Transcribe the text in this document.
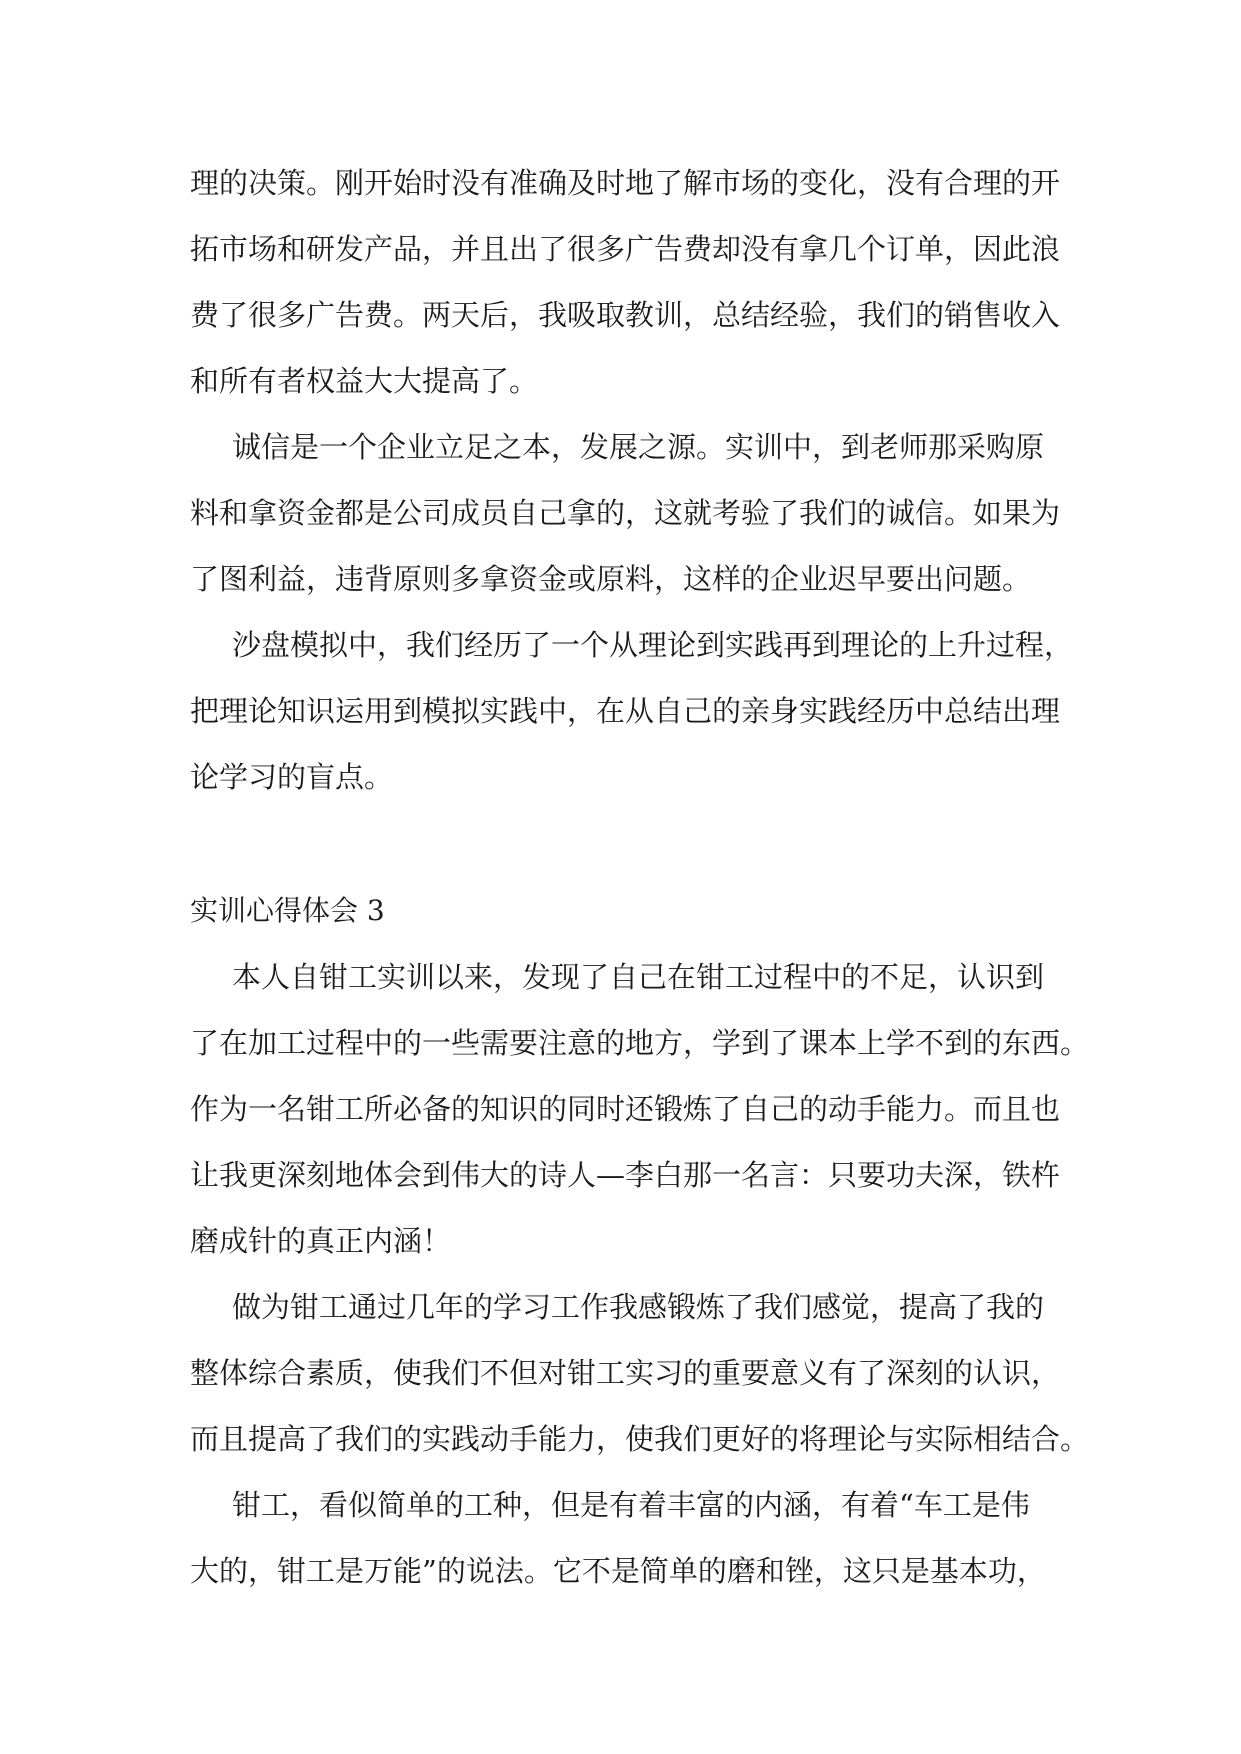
理的决策。刚开始时没有准确及时地了解市场的变化，没有合理的开
拓市场和研发产品，并且出了很多广告费却没有拿几个订单，因此浪
费了很多广告费。两天后，我吸取教训，总结经验，我们的销售收入
和所有者权益大大提高了。
诚信是一个企业立足之本，发展之源。实训中，到老师那采购原
料和拿资金都是公司成员自己拿的，这就考验了我们的诚信。如果为
了图利益，违背原则多拿资金或原料，这样的企业迟早要出问题。
沙盘模拟中，我们经历了一个从理论到实践再到理论的上升过程，
把理论知识运用到模拟实践中，在从自己的亲身实践经历中总结出理
论学习的盲点。
实训心得体会 3
本人自钳工实训以来，发现了自己在钳工过程中的不足，认识到
了在加工过程中的一些需要注意的地方，学到了课本上学不到的东西。
作为一名钳工所必备的知识的同时还锻炼了自己的动手能力。而且也
让我更深刻地体会到伟大的诗人—李白那一名言：只要功夫深，铁杵
磨成针的真正内涵！
做为钳工通过几年的学习工作我感锻炼了我们感觉，提高了我的
整体综合素质，使我们不但对钳工实习的重要意义有了深刻的认识，
而且提高了我们的实践动手能力，使我们更好的将理论与实际相结合。
钳工，看似简单的工种，但是有着丰富的内涵，有着“车工是伟
大的，钳工是万能”的说法。它不是简单的磨和锉，这只是基本功，
